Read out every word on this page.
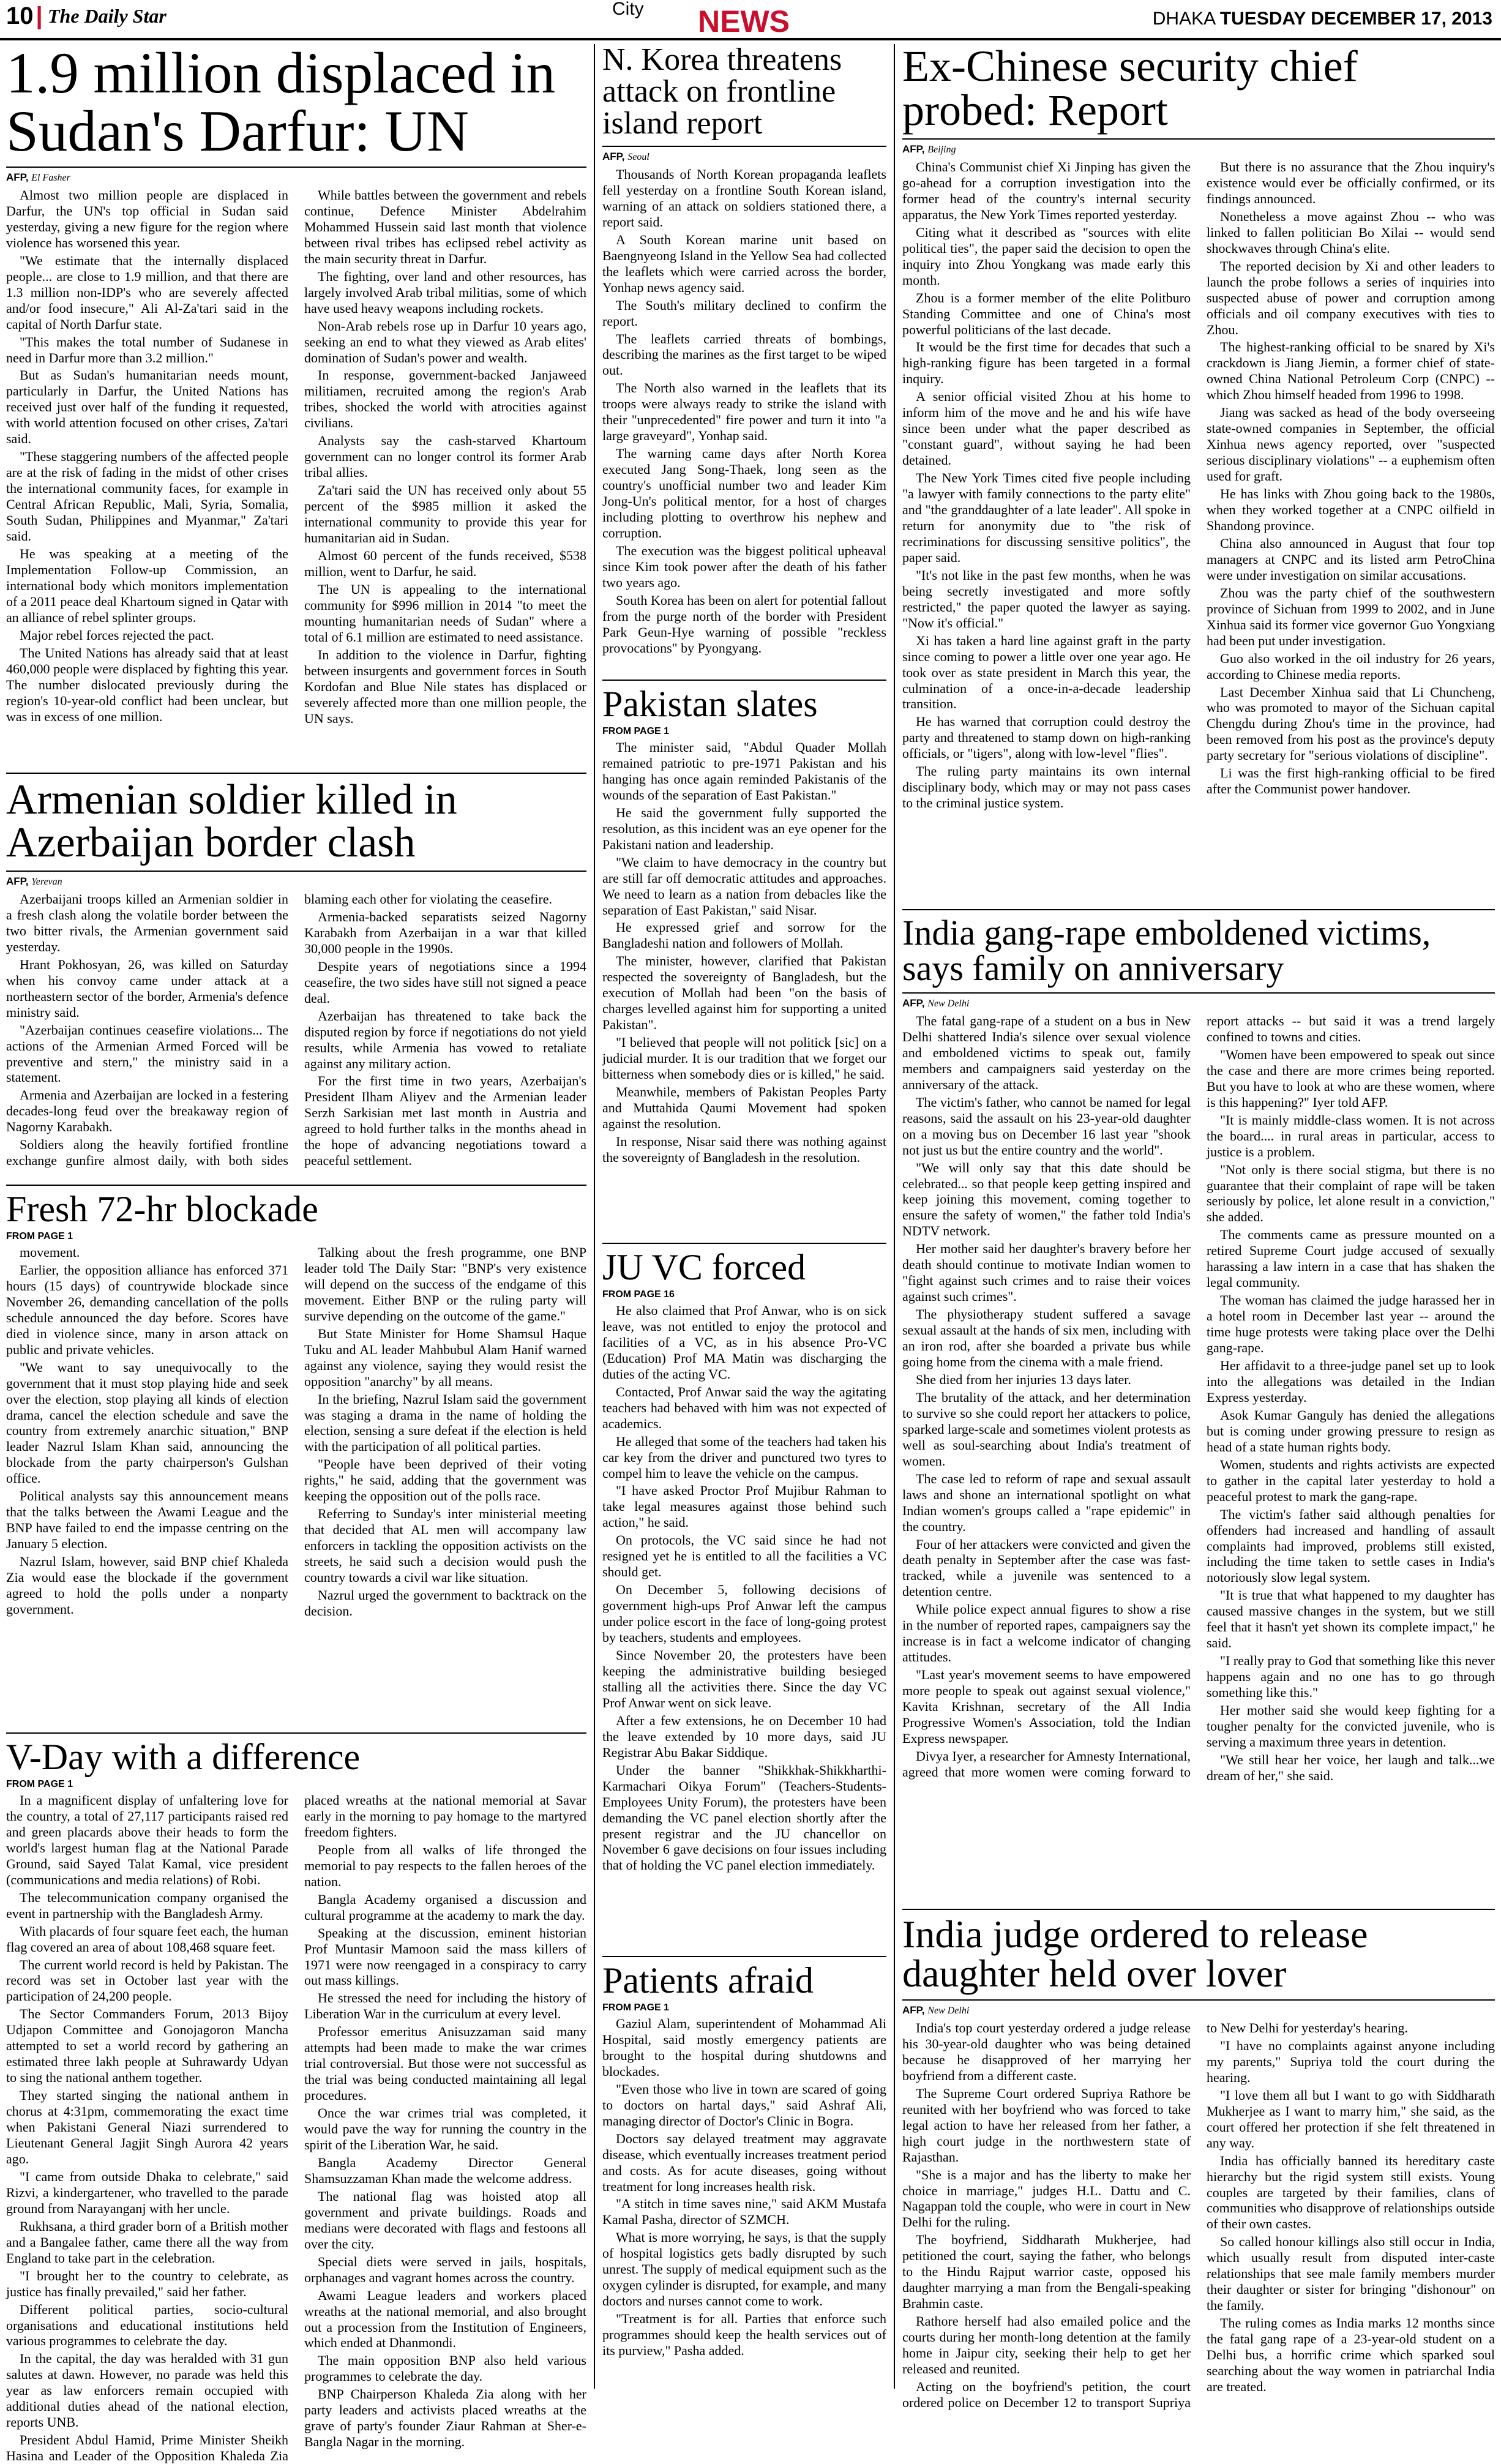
10 | The Daily Star	City NEWS	DHAKA TUESDAY DECEMBER 17, 2013
1.9 million displaced in Sudan's Darfur: UN
AFP, El Fasher

Almost two million people are displaced in Darfur, the UN's top official in Sudan said yesterday, giving a new figure for the region where violence has worsened this year.

"We estimate that the internally displaced people... are close to 1.9 million, and that there are 1.3 million non-IDP's who are severely affected and/or food insecure," Ali Al-Za'tari said in the capital of North Darfur state.

"This makes the total number of Sudanese in need in Darfur more than 3.2 million."

But as Sudan's humanitarian needs mount, particularly in Darfur, the United Nations has received just over half of the funding it requested, with world attention focused on other crises, Za'tari said.

"These staggering numbers of the affected people are at the risk of fading in the midst of other crises the international community faces, for example in Central African Republic, Mali, Syria, Somalia, South Sudan, Philippines and Myanmar," Za'tari said.

He was speaking at a meeting of the Implementation Follow-up Commission, an international body which monitors implementation of a 2011 peace deal Khartoum signed in Qatar with an alliance of rebel splinter groups.

Major rebel forces rejected the pact.

The United Nations has already said that at least 460,000 people were displaced by fighting this year. The number dislocated previously during the region's 10-year-old conflict had been unclear, but was in excess of one million.

While battles between the government and rebels continue, Defence Minister Abdelrahim Mohammed Hussein said last month that violence between rival tribes has eclipsed rebel activity as the main security threat in Darfur.

The fighting, over land and other resources, has largely involved Arab tribal militias, some of which have used heavy weapons including rockets.

Non-Arab rebels rose up in Darfur 10 years ago, seeking an end to what they viewed as Arab elites' domination of Sudan's power and wealth.

In response, government-backed Janjaweed militiamen, recruited among the region's Arab tribes, shocked the world with atrocities against civilians.

Analysts say the cash-starved Khartoum government can no longer control its former Arab tribal allies.

Za'tari said the UN has received only about 55 percent of the $985 million it asked the international community to provide this year for humanitarian aid in Sudan.

Almost 60 percent of the funds received, $538 million, went to Darfur, he said.

The UN is appealing to the international community for $996 million in 2014 "to meet the mounting humanitarian needs of Sudan" where a total of 6.1 million are estimated to need assistance.

In addition to the violence in Darfur, fighting between insurgents and government forces in South Kordofan and Blue Nile states has displaced or severely affected more than one million people, the UN says.

Armenian soldier killed in Azerbaijan border clash
AFP, Yerevan

Azerbaijani troops killed an Armenian soldier in a fresh clash along the volatile border between the two bitter rivals, the Armenian government said yesterday.

Hrant Pokhosyan, 26, was killed on Saturday when his convoy came under attack at a northeastern sector of the border, Armenia's defence ministry said.

"Azerbaijan continues ceasefire violations... The actions of the Armenian Armed Forced will be preventive and stern," the ministry said in a statement.

Armenia and Azerbaijan are locked in a festering decades-long feud over the breakaway region of Nagorny Karabakh.

Soldiers along the heavily fortified frontline exchange gunfire almost daily, with both sides blaming each other for violating the ceasefire.

Armenia-backed separatists seized Nagorny Karabakh from Azerbaijan in a war that killed 30,000 people in the 1990s.

Despite years of negotiations since a 1994 ceasefire, the two sides have still not signed a peace deal.

Azerbaijan has threatened to take back the disputed region by force if negotiations do not yield results, while Armenia has vowed to retaliate against any military action.

For the first time in two years, Azerbaijan's President Ilham Aliyev and the Armenian leader Serzh Sarkisian met last month in Austria and agreed to hold further talks in the months ahead in the hope of advancing negotiations toward a peaceful settlement.

Fresh 72-hr blockade
FROM PAGE 1

movement.

Earlier, the opposition alliance has enforced 371 hours (15 days) of countrywide blockade since November 26, demanding cancellation of the polls schedule announced the day before. Scores have died in violence since, many in arson attack on public and private vehicles.

"We want to say unequivocally to the government that it must stop playing hide and seek over the election, stop playing all kinds of election drama, cancel the election schedule and save the country from extremely anarchic situation," BNP leader Nazrul Islam Khan said, announcing the blockade from the party chairperson's Gulshan office.

Political analysts say this announcement means that the talks between the Awami League and the BNP have failed to end the impasse centring on the January 5 election.

Nazrul Islam, however, said BNP chief Khaleda Zia would ease the blockade if the government agreed to hold the polls under a nonparty government.

Talking about the fresh programme, one BNP leader told The Daily Star: "BNP's very existence will depend on the success of the endgame of this movement. Either BNP or the ruling party will survive depending on the outcome of the game."

But State Minister for Home Shamsul Haque Tuku and AL leader Mahbubul Alam Hanif warned against any violence, saying they would resist the opposition "anarchy" by all means.

In the briefing, Nazrul Islam said the government was staging a drama in the name of holding the election, sensing a sure defeat if the election is held with the participation of all political parties.

"People have been deprived of their voting rights," he said, adding that the government was keeping the opposition out of the polls race.

Referring to Sunday's inter ministerial meeting that decided that AL men will accompany law enforcers in tackling the opposition activists on the streets, he said such a decision would push the country towards a civil war like situation.

Nazrul urged the government to backtrack on the decision.

V-Day with a difference
FROM PAGE 1

In a magnificent display of unfaltering love for the country, a total of 27,117 participants raised red and green placards above their heads to form the world's largest human flag at the National Parade Ground, said Sayed Talat Kamal, vice president (communications and media relations) of Robi.

The telecommunication company organised the event in partnership with the Bangladesh Army.

With placards of four square feet each, the human flag covered an area of about 108,468 square feet.

The current world record is held by Pakistan. The record was set in October last year with the participation of 24,200 people.

The Sector Commanders Forum, 2013 Bijoy Udjapon Committee and Gonojagoron Mancha attempted to set a world record by gathering an estimated three lakh people at Suhrawardy Udyan to sing the national anthem together.

They started singing the national anthem in chorus at 4:31pm, commemorating the exact time when Pakistani General Niazi surrendered to Lieutenant General Jagjit Singh Aurora 42 years ago.

"I came from outside Dhaka to celebrate," said Rizvi, a kindergartener, who travelled to the parade ground from Narayanganj with her uncle.

Rukhsana, a third grader born of a British mother and a Bangalee father, came there all the way from England to take part in the celebration.

"I brought her to the country to celebrate, as justice has finally prevailed," said her father.

Different political parties, socio-cultural organisations and educational institutions held various programmes to celebrate the day.

In the capital, the day was heralded with 31 gun salutes at dawn. However, no parade was held this year as law enforcers remain occupied with additional duties ahead of the national election, reports UNB.

President Abdul Hamid, Prime Minister Sheikh Hasina and Leader of the Opposition Khaleda Zia placed wreaths at the national memorial at Savar early in the morning to pay homage to the martyred freedom fighters.

People from all walks of life thronged the memorial to pay respects to the fallen heroes of the nation.

Bangla Academy organised a discussion and cultural programme at the academy to mark the day.

Speaking at the discussion, eminent historian Prof Muntasir Mamoon said the mass killers of 1971 were now reengaged in a conspiracy to carry out mass killings.

He stressed the need for including the history of Liberation War in the curriculum at every level.

Professor emeritus Anisuzzaman said many attempts had been made to make the war crimes trial controversial. But those were not successful as the trial was being conducted maintaining all legal procedures.

Once the war crimes trial was completed, it would pave the way for running the country in the spirit of the Liberation War, he said.

Bangla Academy Director General Shamsuzzaman Khan made the welcome address.

The national flag was hoisted atop all government and private buildings. Roads and medians were decorated with flags and festoons all over the city.

Special diets were served in jails, hospitals, orphanages and vagrant homes across the country.

Awami League leaders and workers placed wreaths at the national memorial, and also brought out a procession from the Institution of Engineers, which ended at Dhanmondi.

The main opposition BNP also held various programmes to celebrate the day.

BNP Chairperson Khaleda Zia along with her party leaders and activists placed wreaths at the grave of party's founder Ziaur Rahman at Sher-e-Bangla Nagar in the morning.

N. Korea threatens attack on frontline island report
AFP, Seoul

Thousands of North Korean propaganda leaflets fell yesterday on a frontline South Korean island, warning of an attack on soldiers stationed there, a report said.

A South Korean marine unit based on Baengnyeong Island in the Yellow Sea had collected the leaflets which were carried across the border, Yonhap news agency said.

The South's military declined to confirm the report.

The leaflets carried threats of bombings, describing the marines as the first target to be wiped out.

The North also warned in the leaflets that its troops were always ready to strike the island with their "unprecedented" fire power and turn it into "a large graveyard", Yonhap said.

The warning came days after North Korea executed Jang Song-Thaek, long seen as the country's unofficial number two and leader Kim Jong-Un's political mentor, for a host of charges including plotting to overthrow his nephew and corruption.

The execution was the biggest political upheaval since Kim took power after the death of his father two years ago.

South Korea has been on alert for potential fallout from the purge north of the border with President Park Geun-Hye warning of possible "reckless provocations" by Pyongyang.

Pakistan slates
FROM PAGE 1

The minister said, "Abdul Quader Mollah remained patriotic to pre-1971 Pakistan and his hanging has once again reminded Pakistanis of the wounds of the separation of East Pakistan."

He said the government fully supported the resolution, as this incident was an eye opener for the Pakistani nation and leadership.

"We claim to have democracy in the country but are still far off democratic attitudes and approaches. We need to learn as a nation from debacles like the separation of East Pakistan," said Nisar.

He expressed grief and sorrow for the Bangladeshi nation and followers of Mollah.

The minister, however, clarified that Pakistan respected the sovereignty of Bangladesh, but the execution of Mollah had been "on the basis of charges levelled against him for supporting a united Pakistan".

"I believed that people will not politick [sic] on a judicial murder. It is our tradition that we forget our bitterness when somebody dies or is killed," he said.

Meanwhile, members of Pakistan Peoples Party and Muttahida Qaumi Movement had spoken against the resolution.

In response, Nisar said there was nothing against the sovereignty of Bangladesh in the resolution.

JU VC forced
FROM PAGE 16

He also claimed that Prof Anwar, who is on sick leave, was not entitled to enjoy the protocol and facilities of a VC, as in his absence Pro-VC (Education) Prof MA Matin was discharging the duties of the acting VC.

Contacted, Prof Anwar said the way the agitating teachers had behaved with him was not expected of academics.

He alleged that some of the teachers had taken his car key from the driver and punctured two tyres to compel him to leave the vehicle on the campus.

"I have asked Proctor Prof Mujibur Rahman to take legal measures against those behind such action," he said.

On protocols, the VC said since he had not resigned yet he is entitled to all the facilities a VC should get.

On December 5, following decisions of government high-ups Prof Anwar left the campus under police escort in the face of long-going protest by teachers, students and employees.

Since November 20, the protesters have been keeping the administrative building besieged stalling all the activities there. Since the day VC Prof Anwar went on sick leave.

After a few extensions, he on December 10 had the leave extended by 10 more days, said JU Registrar Abu Bakar Siddique.

Under the banner "Shikkhak-Shikkharthi-Karmachari Oikya Forum" (Teachers-Students-Employees Unity Forum), the protesters have been demanding the VC panel election shortly after the present registrar and the JU chancellor on November 6 gave decisions on four issues including that of holding the VC panel election immediately.

Patients afraid
FROM PAGE 1

Gaziul Alam, superintendent of Mohammad Ali Hospital, said mostly emergency patients are brought to the hospital during shutdowns and blockades.

"Even those who live in town are scared of going to doctors on hartal days," said Ashraf Ali, managing director of Doctor's Clinic in Bogra.

Doctors say delayed treatment may aggravate disease, which eventually increases treatment period and costs. As for acute diseases, going without treatment for long increases health risk.

"A stitch in time saves nine," said AKM Mustafa Kamal Pasha, director of SZMCH.

What is more worrying, he says, is that the supply of hospital logistics gets badly disrupted by such unrest. The supply of medical equipment such as the oxygen cylinder is disrupted, for example, and many doctors and nurses cannot come to work.

"Treatment is for all. Parties that enforce such programmes should keep the health services out of its purview," Pasha added.

Ex-Chinese security chief probed: Report
AFP, Beijing

China's Communist chief Xi Jinping has given the go-ahead for a corruption investigation into the former head of the country's internal security apparatus, the New York Times reported yesterday.

Citing what it described as "sources with elite political ties", the paper said the decision to open the inquiry into Zhou Yongkang was made early this month.

Zhou is a former member of the elite Politburo Standing Committee and one of China's most powerful politicians of the last decade.

It would be the first time for decades that such a high-ranking figure has been targeted in a formal inquiry.

A senior official visited Zhou at his home to inform him of the move and he and his wife have since been under what the paper described as "constant guard", without saying he had been detained.

The New York Times cited five people including "a lawyer with family connections to the party elite" and "the granddaughter of a late leader". All spoke in return for anonymity due to "the risk of recriminations for discussing sensitive politics", the paper said.

"It's not like in the past few months, when he was being secretly investigated and more softly restricted," the paper quoted the lawyer as saying. "Now it's official."

Xi has taken a hard line against graft in the party since coming to power a little over one year ago. He took over as state president in March this year, the culmination of a once-in-a-decade leadership transition.

He has warned that corruption could destroy the party and threatened to stamp down on high-ranking officials, or "tigers", along with low-level "flies".

The ruling party maintains its own internal disciplinary body, which may or may not pass cases to the criminal justice system.

But there is no assurance that the Zhou inquiry's existence would ever be officially confirmed, or its findings announced.

Nonetheless a move against Zhou -- who was linked to fallen politician Bo Xilai -- would send shockwaves through China's elite.

The reported decision by Xi and other leaders to launch the probe follows a series of inquiries into suspected abuse of power and corruption among officials and oil company executives with ties to Zhou.

The highest-ranking official to be snared by Xi's crackdown is Jiang Jiemin, a former chief of state-owned China National Petroleum Corp (CNPC) -- which Zhou himself headed from 1996 to 1998.

Jiang was sacked as head of the body overseeing state-owned companies in September, the official Xinhua news agency reported, over "suspected serious disciplinary violations" -- a euphemism often used for graft.

He has links with Zhou going back to the 1980s, when they worked together at a CNPC oilfield in Shandong province.

China also announced in August that four top managers at CNPC and its listed arm PetroChina were under investigation on similar accusations.

Zhou was the party chief of the southwestern province of Sichuan from 1999 to 2002, and in June Xinhua said its former vice governor Guo Yongxiang had been put under investigation.

Guo also worked in the oil industry for 26 years, according to Chinese media reports.

Last December Xinhua said that Li Chuncheng, who was promoted to mayor of the Sichuan capital Chengdu during Zhou's time in the province, had been removed from his post as the province's deputy party secretary for "serious violations of discipline".

Li was the first high-ranking official to be fired after the Communist power handover.

India gang-rape emboldened victims, says family on anniversary
AFP, New Delhi

The fatal gang-rape of a student on a bus in New Delhi shattered India's silence over sexual violence and emboldened victims to speak out, family members and campaigners said yesterday on the anniversary of the attack.

The victim's father, who cannot be named for legal reasons, said the assault on his 23-year-old daughter on a moving bus on December 16 last year "shook not just us but the entire country and the world".

"We will only say that this date should be celebrated... so that people keep getting inspired and keep joining this movement, coming together to ensure the safety of women," the father told India's NDTV network.

Her mother said her daughter's bravery before her death should continue to motivate Indian women to "fight against such crimes and to raise their voices against such crimes".

The physiotherapy student suffered a savage sexual assault at the hands of six men, including with an iron rod, after she boarded a private bus while going home from the cinema with a male friend.

She died from her injuries 13 days later.

The brutality of the attack, and her determination to survive so she could report her attackers to police, sparked large-scale and sometimes violent protests as well as soul-searching about India's treatment of women.

The case led to reform of rape and sexual assault laws and shone an international spotlight on what Indian women's groups called a "rape epidemic" in the country.

Four of her attackers were convicted and given the death penalty in September after the case was fast-tracked, while a juvenile was sentenced to a detention centre.

While police expect annual figures to show a rise in the number of reported rapes, campaigners say the increase is in fact a welcome indicator of changing attitudes.

"Last year's movement seems to have empowered more people to speak out against sexual violence," Kavita Krishnan, secretary of the All India Progressive Women's Association, told the Indian Express newspaper.

Divya Iyer, a researcher for Amnesty International, agreed that more women were coming forward to report attacks -- but said it was a trend largely confined to towns and cities.

"Women have been empowered to speak out since the case and there are more crimes being reported. But you have to look at who are these women, where is this happening?" Iyer told AFP.

"It is mainly middle-class women. It is not across the board.... in rural areas in particular, access to justice is a problem.

"Not only is there social stigma, but there is no guarantee that their complaint of rape will be taken seriously by police, let alone result in a conviction," she added.

The comments came as pressure mounted on a retired Supreme Court judge accused of sexually harassing a law intern in a case that has shaken the legal community.

The woman has claimed the judge harassed her in a hotel room in December last year -- around the time huge protests were taking place over the Delhi gang-rape.

Her affidavit to a three-judge panel set up to look into the allegations was detailed in the Indian Express yesterday.

Asok Kumar Ganguly has denied the allegations but is coming under growing pressure to resign as head of a state human rights body.

Women, students and rights activists are expected to gather in the capital later yesterday to hold a peaceful protest to mark the gang-rape.

The victim's father said although penalties for offenders had increased and handling of assault complaints had improved, problems still existed, including the time taken to settle cases in India's notoriously slow legal system.

"It is true that what happened to my daughter has caused massive changes in the system, but we still feel that it hasn't yet shown its complete impact," he said.

"I really pray to God that something like this never happens again and no one has to go through something like this."

Her mother said she would keep fighting for a tougher penalty for the convicted juvenile, who is serving a maximum three years in detention.

"We still hear her voice, her laugh and talk...we dream of her," she said.

India judge ordered to release daughter held over lover
AFP, New Delhi

India's top court yesterday ordered a judge release his 30-year-old daughter who was being detained because he disapproved of her marrying her boyfriend from a different caste.

The Supreme Court ordered Supriya Rathore be reunited with her boyfriend who was forced to take legal action to have her released from her father, a high court judge in the northwestern state of Rajasthan.

"She is a major and has the liberty to make her choice in marriage," judges H.L. Dattu and C. Nagappan told the couple, who were in court in New Delhi for the ruling.

The boyfriend, Siddharath Mukherjee, had petitioned the court, saying the father, who belongs to the Hindu Rajput warrior caste, opposed his daughter marrying a man from the Bengali-speaking Brahmin caste.

Rathore herself had also emailed police and the courts during her month-long detention at the family home in Jaipur city, seeking their help to get her released and reunited.

Acting on the boyfriend's petition, the court ordered police on December 12 to transport Supriya to New Delhi for yesterday's hearing.

"I have no complaints against anyone including my parents," Supriya told the court during the hearing.

"I love them all but I want to go with Siddharath Mukherjee as I want to marry him," she said, as the court offered her protection if she felt threatened in any way.

India has officially banned its hereditary caste hierarchy but the rigid system still exists. Young couples are targeted by their families, clans of communities who disapprove of relationships outside of their own castes.

So called honour killings also still occur in India, which usually result from disputed inter-caste relationships that see male family members murder their daughter or sister for bringing "dishonour" on the family.

The ruling comes as India marks 12 months since the fatal gang rape of a 23-year-old student on a Delhi bus, a horrific crime which sparked soul searching about the way women in patriarchal India are treated.
